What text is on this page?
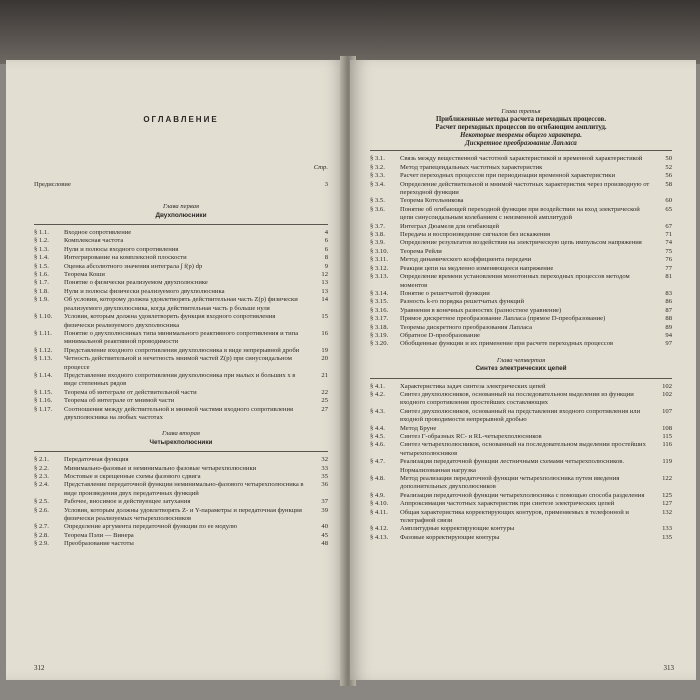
ОГЛАВЛЕНИЕ
Стр.
Предисловие	3
Глава первая
Двухполюсники
§ 1.1.	Входное сопротивление	4
§ 1.2.	Комплексная частота	6
§ 1.3.	Нули и полюсы входного сопротивления	6
§ 1.4.	Интегрирование на комплексной плоскости	8
§ 1.5.	Оценка абсолютного значения интеграла ∫ f(p) dp	9
§ 1.6.	Теорема Коши	12
§ 1.7.	Понятие о физически реализуемом двухполюснике	13
§ 1.8.	Нули и полюсы физически реализуемого двухполюсника	13
§ 1.9.	Об условии, которому должна удовлетворять действительная часть Z(p) физически реализуемого двухполюсника, когда действительная часть p больше нуля
14
§ 1.10.	Условия, которым должна удовлетворять функция входного сопротивления физически реализуемого двухполюсника
15
§ 1.11.	Понятие о двухполюсниках типа минимального реактивного сопротивления и типа минимальной реактивной проводимости
16
§ 1.12.	Представление входного сопротивления двухполюсника в виде непрерывной дроби	19
§ 1.13.	Четность действительной и нечетность мнимой частей Z(p) при синусоидальном процессе
20
§ 1.14.	Представление входного сопротивления двухполюсника при малых и больших x в виде степенных рядов
21
§ 1.15.	Теорема об интеграле от действительной части	22
§ 1.16.	Теорема об интеграле от мнимой части	25
§ 1.17.	Соотношения между действительной и мнимой частями входного сопротивления двухполюсника на любых частотах
27
Глава вторая
Четырехполюсники
§ 2.1.	Передаточная функция	32
§ 2.2.	Минимально-фазовые и неминимально фазовые четырехполюсники	33
§ 2.3.	Мостовые и скрещенные схемы фазового сдвига	35
§ 2.4.	Представление передаточной функции неминимально-фазового четырехполюсника в виде произведения двух передаточных функций
36
§ 2.5.	Рабочее, вносимое и действующее затухания	37
§ 2.6.	Условия, которым должны удовлетворять Z- и Y-параметры и передаточная функция физически реализуемых четырехполюсников
39
§ 2.7.	Определение аргумента передаточной функции по ее модулю	40
§ 2.8.	Теорема Пэли — Винера	45
§ 2.9.	Преобразование частоты	48
312
Глава третья
Приближенные методы расчета переходных процессов.
Расчет переходных процессов по огибающим амплитуд.
Некоторые теоремы общего характера.
Дискретное преобразование Лапласа
§ 3.1.	Связь между вещественной частотной характеристикой и временной характеристикой	50
§ 3.2.	Метод трапецеидальных частотных характеристик	52
§ 3.3.	Расчет переходных процессов при периодизации временной характеристики	56
§ 3.4.	Определение действительной и мнимой частотных характеристик через производную от переходной функции
58
§ 3.5.	Теорема Котельникова	60
§ 3.6.	Понятие об огибающей переходной функции при воздействии на вход электрической цепи синусоидальным колебанием с неизменной амплитудой
65
§ 3.7.	Интеграл Дюамеля для огибающей	67
§ 3.8.	Передача и воспроизведение сигналов без искажения	71
§ 3.9.	Определение результатов воздействия на электрическую цепь импульсом напряжения	74
§ 3.10.	Теорема Рейли	75
§ 3.11.	Метод динамического коэффициента передачи	76
§ 3.12.	Реакция цепи на медленно изменяющееся напряжение	77
§ 3.13.	Определение времени установления монотонных переходных процессов методом моментов
81
§ 3.14.	Понятие о решетчатой функции	83
§ 3.15.	Разность k-го порядка решетчатых функций	86
§ 3.16.	Уравнения в конечных разностях (разностное уравнение)	87
§ 3.17.	Прямое дискретное преобразование Лапласа (прямое D-преобразование)	88
§ 3.18.	Теоремы дискретного преобразования Лапласа	89
§ 3.19.	Обратное D-преобразование	94
§ 3.20.	Обобщенные функции и их применение при расчете переходных процессов	97
Глава четвертая
Синтез электрических цепей
§ 4.1.	Характеристика задач синтеза электрических цепей	102
§ 4.2.	Синтез двухполюсников, основанный на последовательном выделении из функции входного сопротивления простейших составляющих
102
§ 4.3.	Синтез двухполюсников, основанный на представлении входного сопротивления или входной проводимости непрерывной дробью
107
§ 4.4.	Метод Бруне	108
§ 4.5.	Синтез Г-образных RC- и RL-четырехполюсников	115
§ 4.6.	Синтез четырехполюсников, основанный на последовательном выделении простейших четырехполюсников
116
§ 4.7.	Реализация передаточной функции лестничными схемами четырехполюсников. Нормализованная нагрузка
119
§ 4.8.	Метод реализации передаточной функции четырехполюсника путем введения дополнительных двухполюсников
122
§ 4.9.	Реализация передаточной функции четырехполюсника с помощью способа разделения	125
§ 4.10.	Аппроксимация частотных характеристик при синтезе электрических цепей	127
§ 4.11.	Общая характеристика корректирующих контуров, применяемых в телефонной и телеграфной связи
132
§ 4.12.	Амплитудные корректирующие контуры	133
§ 4.13.	Фазовые корректирующие контуры	135
313
